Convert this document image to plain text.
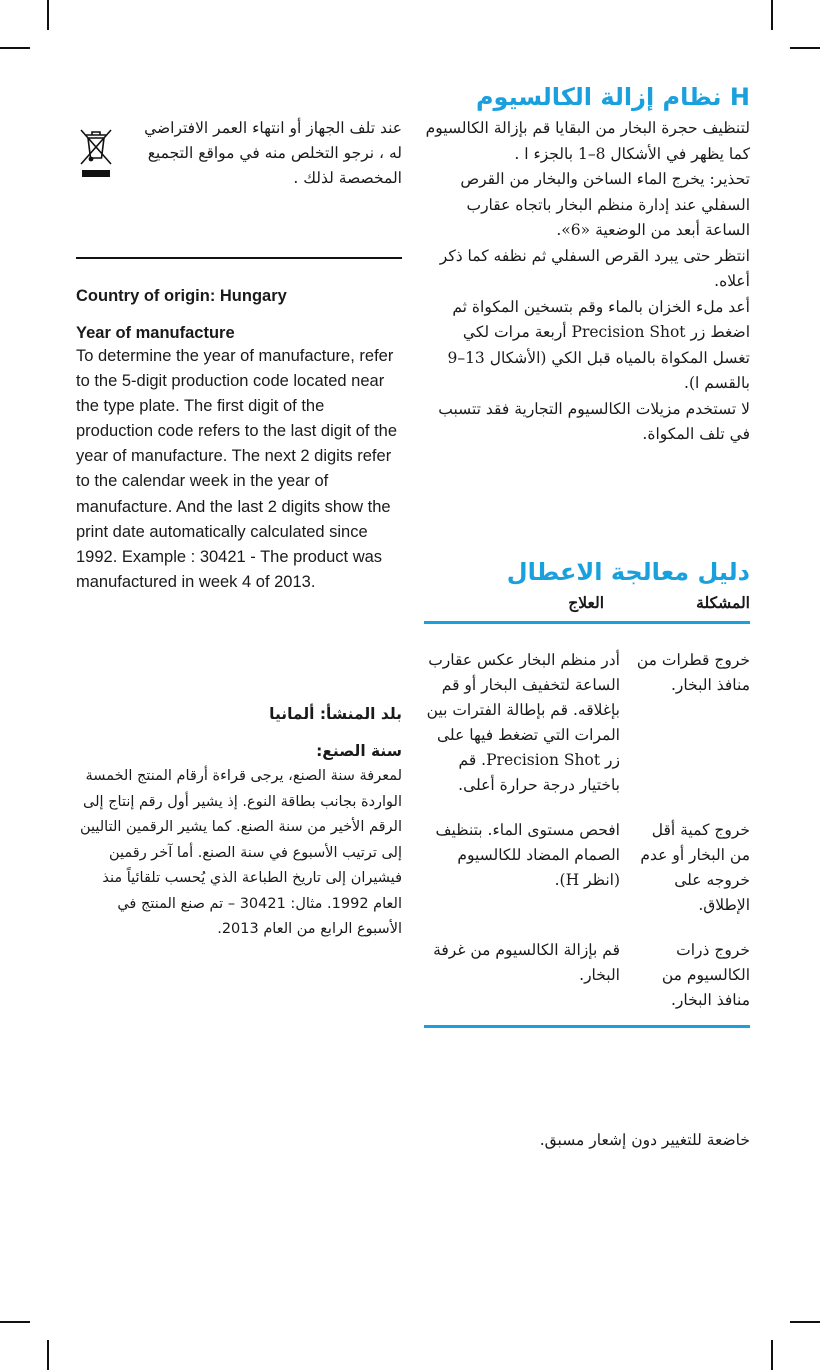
عند تلف الجهاز أو انتهاء العمر الافتراضي له ، نرجو التخلص منه في مواقع التجميع المخصصة لذلك .

Country of origin: Hungary

Year of manufacture

To determine the year of manufacture, refer to the 5-digit production code located near the type plate. The first digit of the production code refers to the last digit of the year of manufacture. The next 2 digits refer to the calendar week in the year of manufacture. And the last 2 digits show the print date automatically calculated since 1992. Example : 30421 - The product was manufactured in week 4 of 2013.

بلد المنشأ: ألمانيا

سنة الصنع:

لمعرفة سنة الصنع، يرجى قراءة أرقام المنتج الخمسة الواردة بجانب بطاقة النوع. إذ يشير أول رقم إنتاج إلى الرقم الأخير من سنة الصنع. كما يشير الرقمين التاليين إلى ترتيب الأسبوع في سنة الصنع. أما آخر رقمين فيشيران إلى تاريخ الطباعة الذي يُحسب تلقائياً منذ العام 1992. مثال: 30421 – تم صنع المنتج في الأسبوع الرابع من العام 2013.

H نظام إزالة الكالسيوم

لتنظيف حجرة البخار من البقايا قم بإزالة الكالسيوم كما يظهر في الأشكال 8–1 بالجزء ا .

تحذير: يخرج الماء الساخن والبخار من القرص السفلي عند إدارة منظم البخار باتجاه عقارب الساعة أبعد من الوضعية «6».

انتظر حتى يبرد القرص السفلي ثم نظفه كما ذكر أعلاه.

أعد ملء الخزان بالماء وقم بتسخين المكواة ثم اضغط زر Precision Shot أربعة مرات لكي تغسل المكواة بالمياه قبل الكي (الأشكال 13–9 بالقسم ا).

لا تستخدم مزيلات الكالسيوم التجارية فقد تتسبب في تلف المكواة.

دليل معالجة الاعطال
المشكلة
العلاج
خروج قطرات من منافذ البخار.
أدر منظم البخار عكس عقارب الساعة لتخفيف البخار أو قم بإغلاقه. قم بإطالة الفترات بين المرات التي تضغط فيها على زر Precision Shot. قم باختيار درجة حرارة أعلى.
خروج كمية أقل من البخار أو عدم خروجه على الإطلاق.
افحص مستوى الماء. بتنظيف الصمام المضاد للكالسيوم (انظر H).
خروج ذرات الكالسيوم من منافذ البخار.
قم بإزالة الكالسيوم من غرفة البخار.

خاضعة للتغيير دون إشعار مسبق.
